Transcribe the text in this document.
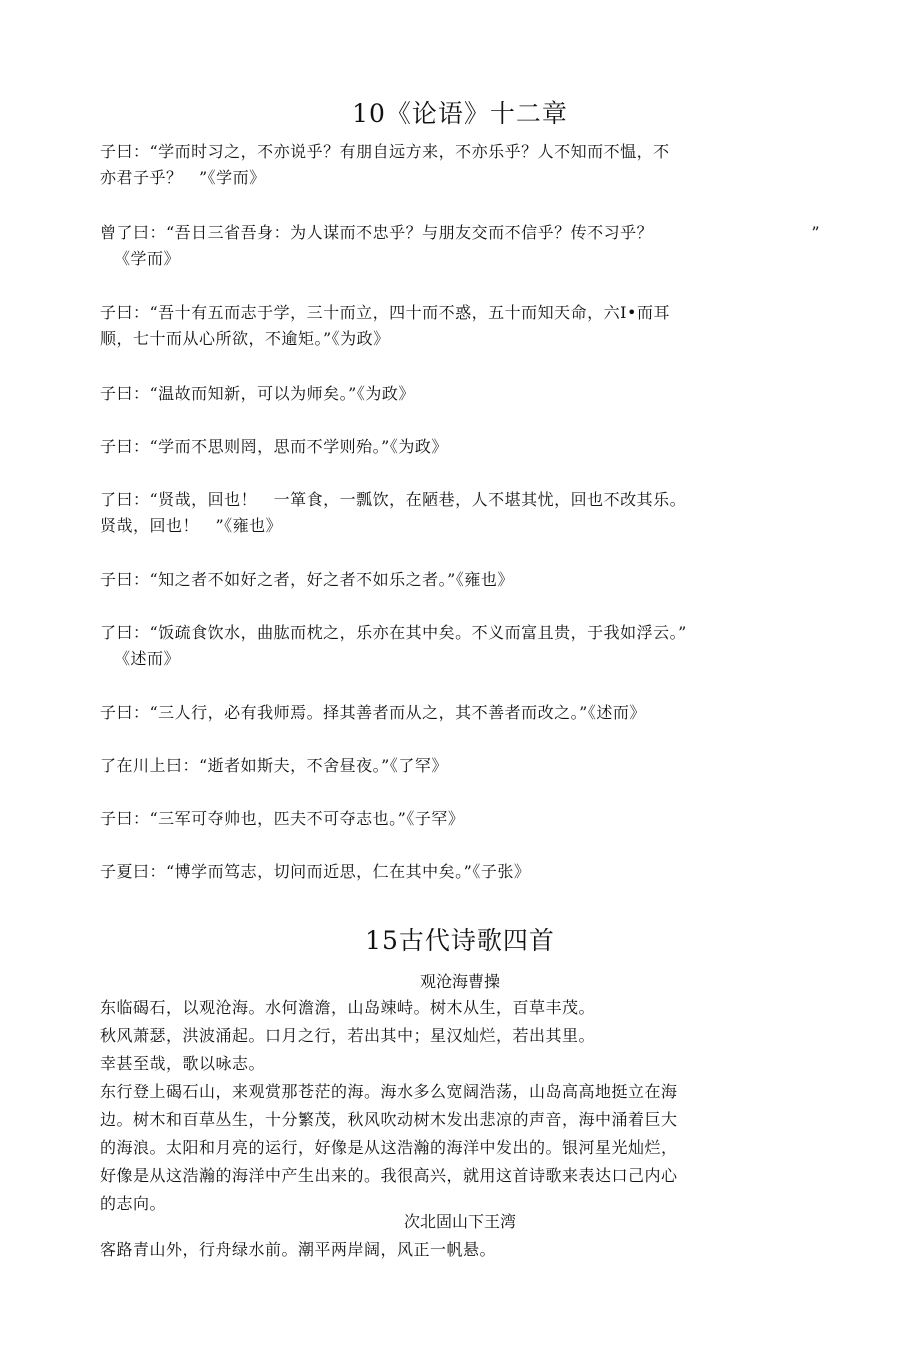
10《论语》十二章
子曰：“学而时习之，不亦说乎？有朋自远方来，不亦乐乎？人不知而不愠，不
亦君子乎？　”《学而》
曾了曰：“吾日三省吾身：为人谋而不忠乎？与朋友交而不信乎？传不习乎？
《学而》
”
子曰：“吾十有五而志于学，三十而立，四十而不惑，五十而知天命，六I•而耳
顺，七十而从心所欲，不逾矩。”《为政》
子曰：“温故而知新，可以为师矣。”《为政》
子曰：“学而不思则罔，思而不学则殆。”《为政》
了曰：“贤哉，回也！　一箪食，一瓢饮，在陋巷，人不堪其忧，回也不改其乐。
贤哉，回也！　”《雍也》
子曰：“知之者不如好之者，好之者不如乐之者。”《雍也》
了曰：“饭疏食饮水，曲肱而枕之，乐亦在其中矣。不义而富且贵，于我如浮云。”
《述而》
子曰：“三人行，必有我师焉。择其善者而从之，其不善者而改之。”《述而》
了在川上曰：“逝者如斯夫，不舍昼夜。”《了罕》
子曰：“三军可夺帅也，匹夫不可夺志也。”《子罕》
子夏曰：“博学而笃志，切问而近思，仁在其中矣。”《子张》
15古代诗歌四首
观沧海曹操
东临碣石，以观沧海。水何澹澹，山岛竦峙。树木从生，百草丰茂。
秋风萧瑟，洪波涌起。口月之行，若出其中；星汉灿烂，若出其里。
幸甚至哉，歌以咏志。
东行登上碣石山，来观赏那苍茫的海。海水多么宽阔浩荡，山岛高高地挺立在海
边。树木和百草丛生，十分繁茂，秋风吹动树木发出悲凉的声音，海中涌着巨大
的海浪。太阳和月亮的运行，好像是从这浩瀚的海洋中发出的。银河星光灿烂，
好像是从这浩瀚的海洋中产生出来的。我很高兴，就用这首诗歌来表达口己内心
的志向。
次北固山下王湾
客路青山外，行舟绿水前。潮平两岸阔，风正一帆悬。
